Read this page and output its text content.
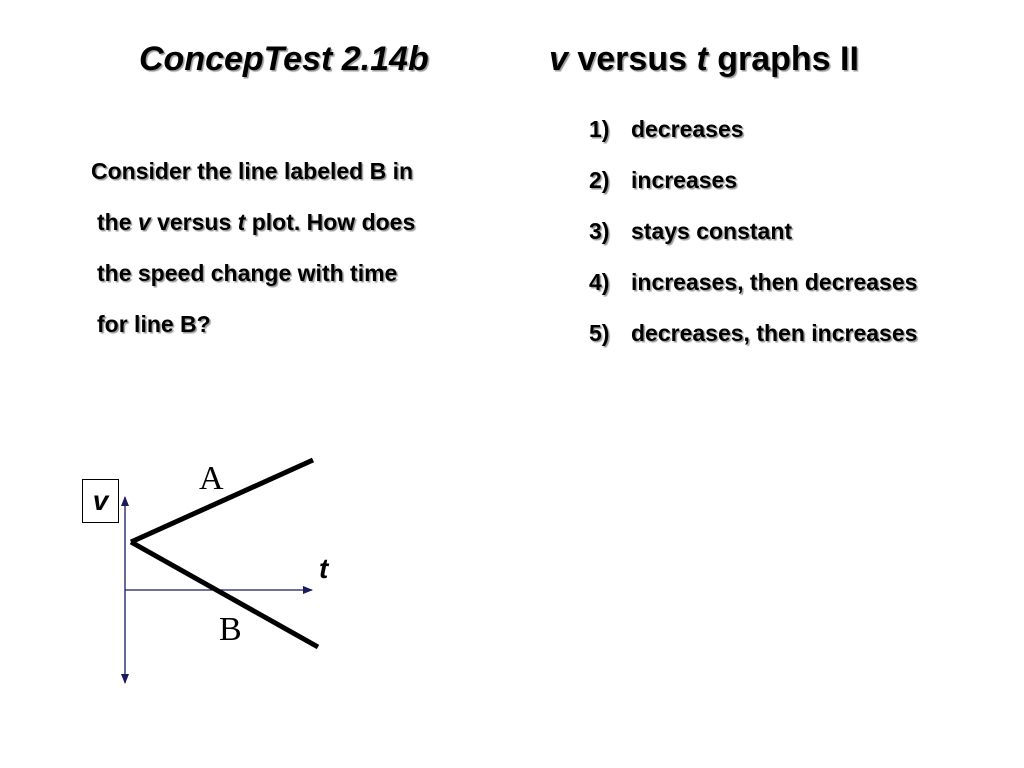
ConcepTest 2.14b	v versus t graphs II
Consider the line labeled B in
the v versus t plot. How does
the speed change with time
for line B?
1) decreases
2) increases
3) stays constant
4) increases, then decreases
5) decreases, then increases
v
t
A
B
